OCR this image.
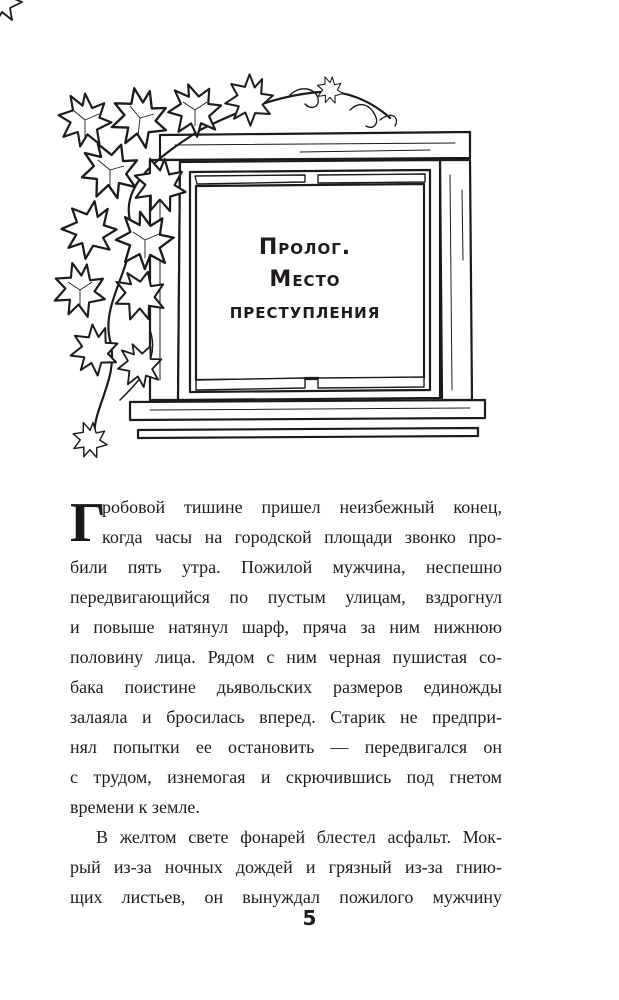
Пролог.
Место
преступления
Г
робовой тишине пришел неизбежный конец,
когда часы на городской площади звонко про-
били пять утра. Пожилой мужчина, неспешно
передвигающийся по пустым улицам, вздрогнул
и повыше натянул шарф, пряча за ним нижнюю
половину лица. Рядом с ним черная пушистая со-
бака поистине дьявольских размеров единожды
залаяла и бросилась вперед. Старик не предпри-
нял попытки ее остановить — передвигался он
с трудом, изнемогая и скрючившись под гнетом
времени к земле.
В желтом свете фонарей блестел асфальт. Мок-
рый из-за ночных дождей и грязный из-за гнию-
щих листьев, он вынуждал пожилого мужчину
5
